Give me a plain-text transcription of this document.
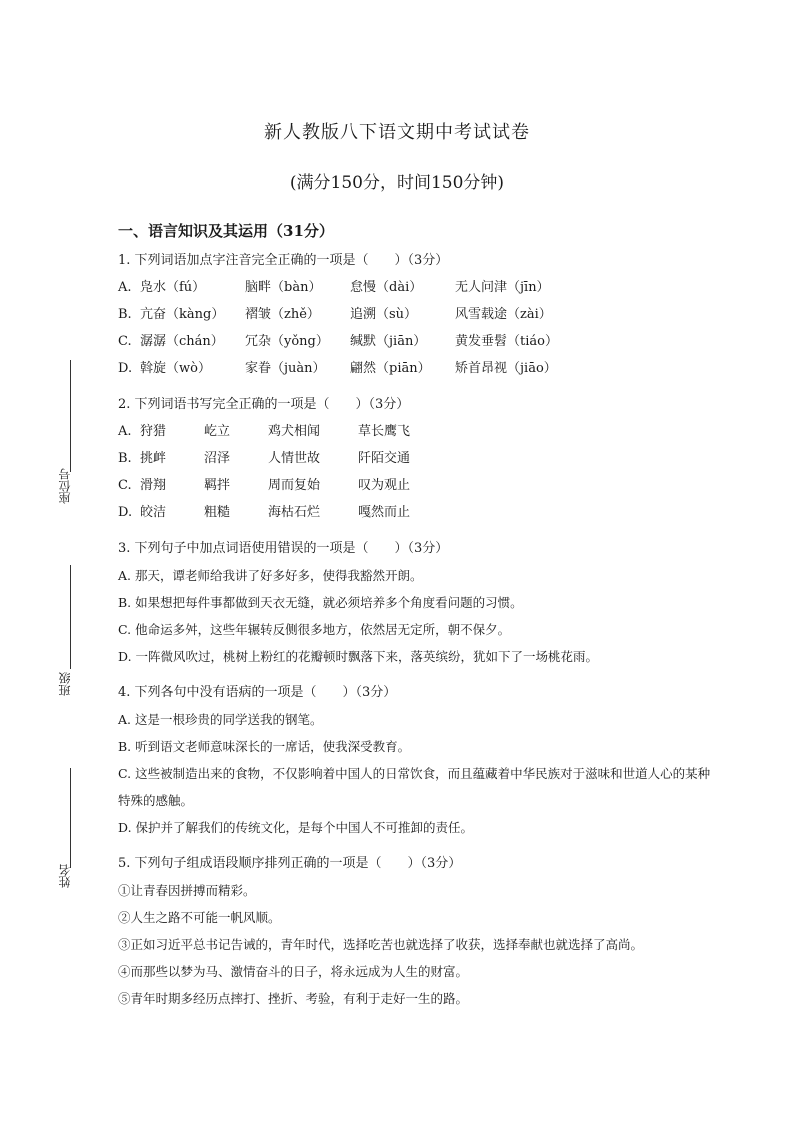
座位号
班级
姓名
新人教版八下语文期中考试试卷
(满分150分，时间150分钟)
一、语言知识及其运用（31分）
1. 下列词语加点字注音完全正确的一项是（　　）（3分）
A. 凫水（fú）	脑畔（bàn）	怠慢（dài）	无人问津（jīn）
B. 亢奋（kàng）	褶皱（zhě）	追溯（sù）	风雪载途（zài）
C. 潺潺（chán）	冗杂（yǒng）	缄默（jiān）	黄发垂髫（tiáo）
D. 斡旋（wò）	家眷（juàn）	翩然（piān）	矫首昂视（jiāo）
2. 下列词语书写完全正确的一项是（　　）（3分）
A. 狩猎	屹立	鸡犬相闻	草长鹰飞
B. 挑衅	沼泽	人情世故	阡陌交通
C. 滑翔	羁拌	周而复始	叹为观止
D. 皎洁	粗糙	海枯石烂	嘎然而止
3. 下列句子中加点词语使用错误的一项是（　　）（3分）
A. 那天，谭老师给我讲了好多好多，使得我豁然开朗。
B. 如果想把每件事都做到天衣无缝，就必须培养多个角度看问题的习惯。
C. 他命运多舛，这些年辗转反侧很多地方，依然居无定所，朝不保夕。
D. 一阵微风吹过，桃树上粉红的花瓣顿时飘落下来，落英缤纷，犹如下了一场桃花雨。
4. 下列各句中没有语病的一项是（　　）（3分）
A. 这是一根珍贵的同学送我的钢笔。
B. 听到语文老师意味深长的一席话，使我深受教育。
C. 这些被制造出来的食物，不仅影响着中国人的日常饮食，而且蕴藏着中华民族对于滋味和世道人心的某种特殊的感触。
D. 保护并了解我们的传统文化，是每个中国人不可推卸的责任。
5. 下列句子组成语段顺序排列正确的一项是（　　）（3分）
①让青春因拼搏而精彩。
②人生之路不可能一帆风顺。
③正如习近平总书记告诫的，青年时代，选择吃苦也就选择了收获，选择奉献也就选择了高尚。
④而那些以梦为马、激情奋斗的日子，将永远成为人生的财富。
⑤青年时期多经历点摔打、挫折、考验，有利于走好一生的路。
